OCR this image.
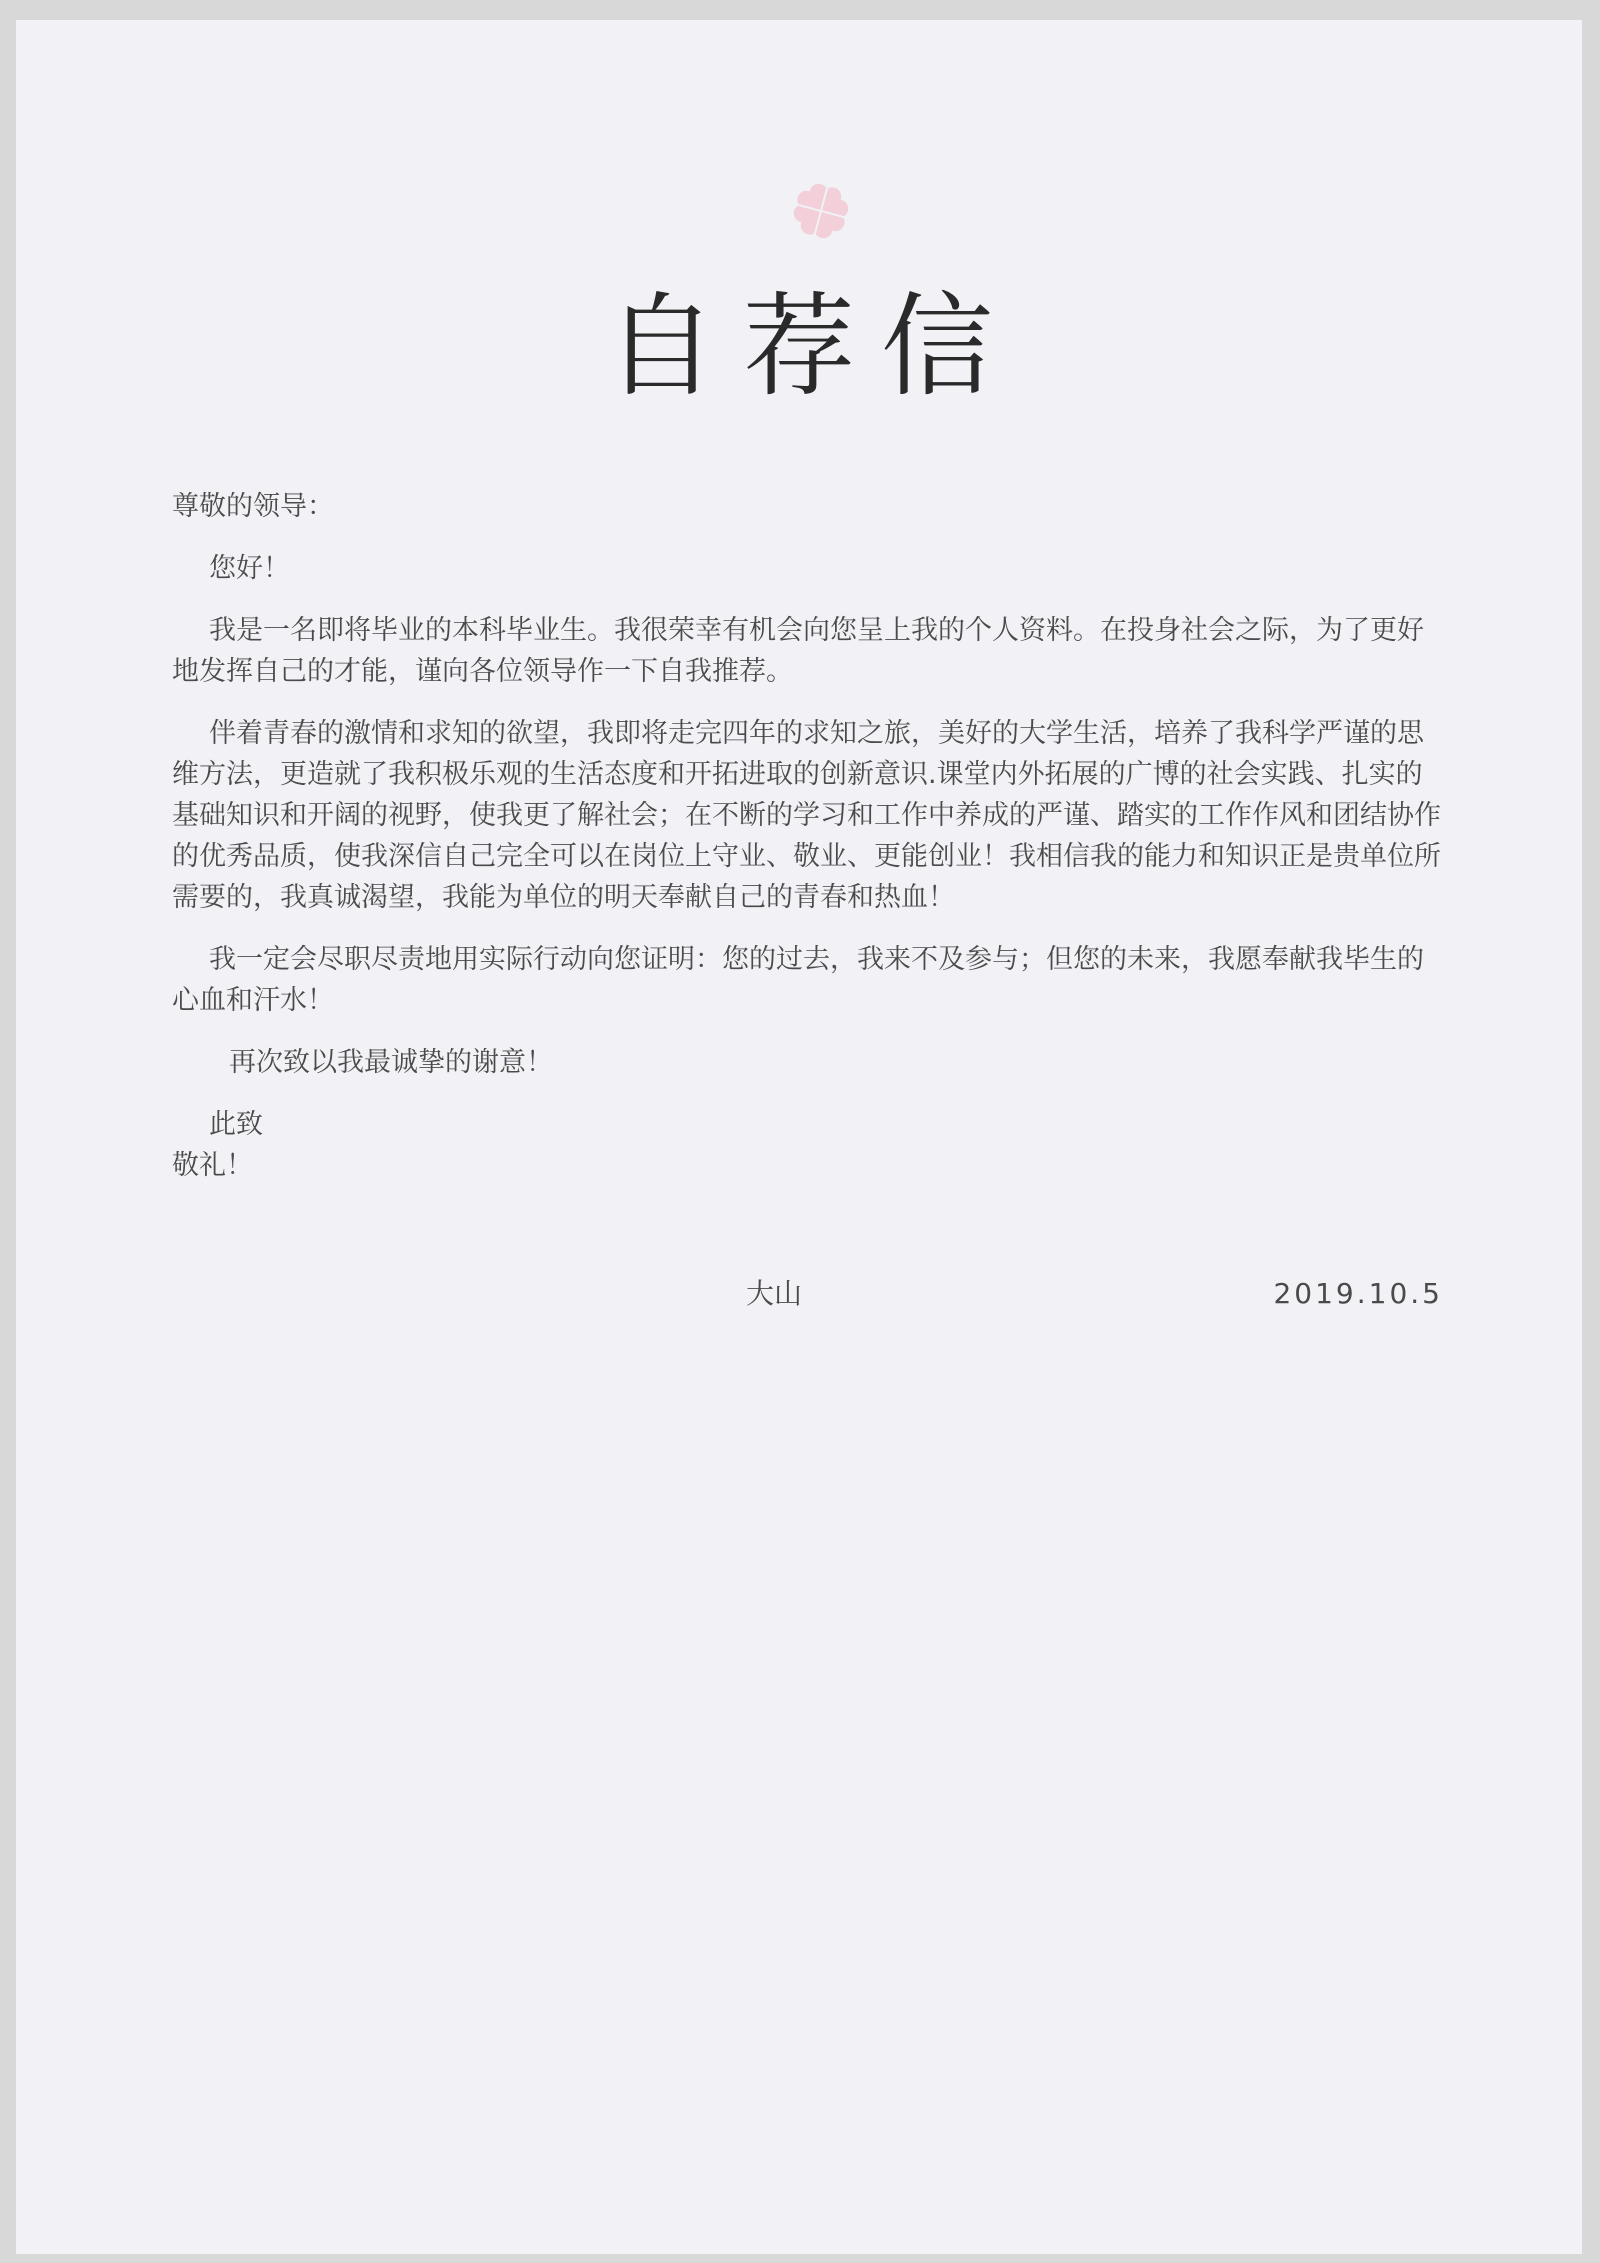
自荐信

尊敬的领导：

您好！

我是一名即将毕业的本科毕业生。我很荣幸有机会向您呈上我的个人资料。在投身社会之际，为了更好地发挥自己的才能，谨向各位领导作一下自我推荐。

伴着青春的激情和求知的欲望，我即将走完四年的求知之旅，美好的大学生活，培养了我科学严谨的思维方法，更造就了我积极乐观的生活态度和开拓进取的创新意识.课堂内外拓展的广博的社会实践、扎实的基础知识和开阔的视野，使我更了解社会；在不断的学习和工作中养成的严谨、踏实的工作作风和团结协作的优秀品质，使我深信自己完全可以在岗位上守业、敬业、更能创业！我相信我的能力和知识正是贵单位所需要的，我真诚渴望，我能为单位的明天奉献自己的青春和热血！

我一定会尽职尽责地用实际行动向您证明：您的过去，我来不及参与；但您的未来，我愿奉献我毕生的心血和汗水！

再次致以我最诚挚的谢意！

此致

敬礼！

大山	2019.10.5
